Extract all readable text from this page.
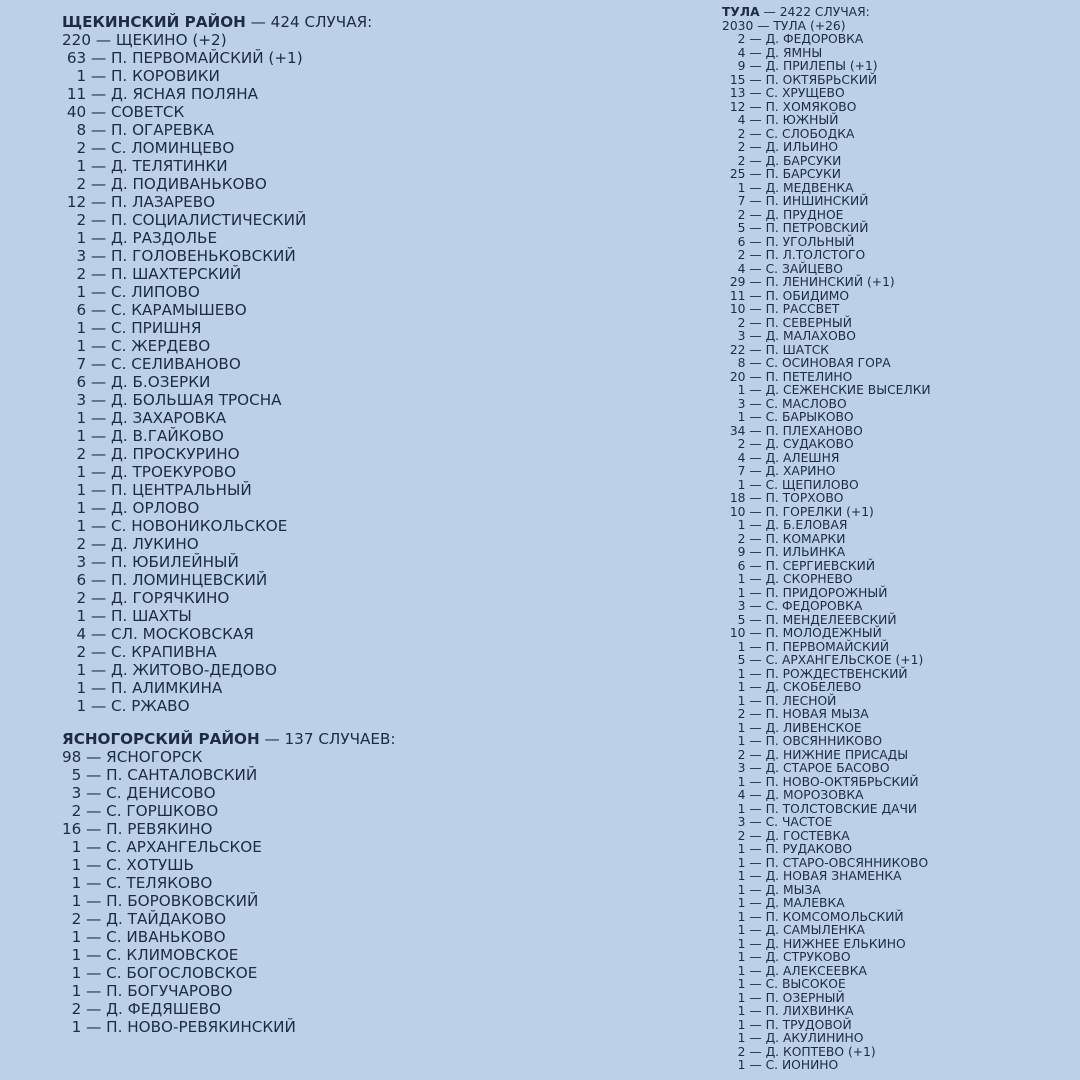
ЩЕКИНСКИЙ РАЙОН — 424 СЛУЧАЯ:
220 — ЩЕКИНО (+2)
63 — П. ПЕРВОМАЙСКИЙ (+1)
1 — П. КОРОВИКИ
11 — Д. ЯСНАЯ ПОЛЯНА
40 — СОВЕТСК
8 — П. ОГАРЕВКА
2 — С. ЛОМИНЦЕВО
1 — Д. ТЕЛЯТИНКИ
2 — Д. ПОДИВАНЬКОВО
12 — П. ЛАЗАРЕВО
2 — П. СОЦИАЛИСТИЧЕСКИЙ
1 — Д. РАЗДОЛЬЕ
3 — П. ГОЛОВЕНЬКОВСКИЙ
2 — П. ШАХТЕРСКИЙ
1 — С. ЛИПОВО
6 — С. КАРАМЫШЕВО
1 — С. ПРИШНЯ
1 — С. ЖЕРДЕВО
7 — С. СЕЛИВАНОВО
6 — Д. Б.ОЗЕРКИ
3 — Д. БОЛЬШАЯ ТРОСНА
1 — Д. ЗАХАРОВКА
1 — Д. В.ГАЙКОВО
2 — Д. ПРОСКУРИНО
1 — Д. ТРОЕКУРОВО
1 — П. ЦЕНТРАЛЬНЫЙ
1 — Д. ОРЛОВО
1 — С. НОВОНИКОЛЬСКОЕ
2 — Д. ЛУКИНО
3 — П. ЮБИЛЕЙНЫЙ
6 — П. ЛОМИНЦЕВСКИЙ
2 — Д. ГОРЯЧКИНО
1 — П. ШАХТЫ
4 — СЛ. МОСКОВСКАЯ
2 — С. КРАПИВНА
1 — Д. ЖИТОВО-ДЕДОВО
1 — П. АЛИМКИНА
1 — С. РЖАВО
ЯСНОГОРСКИЙ РАЙОН — 137 СЛУЧАЕВ:
98 — ЯСНОГОРСК
5 — П. САНТАЛОВСКИЙ
3 — С. ДЕНИСОВО
2 — С. ГОРШКОВО
16 — П. РЕВЯКИНО
1 — С. АРХАНГЕЛЬСКОЕ
1 — С. ХОТУШЬ
1 — С. ТЕЛЯКОВО
1 — П. БОРОВКОВСКИЙ
2 — Д. ТАЙДАКОВО
1 — С. ИВАНЬКОВО
1 — С. КЛИМОВСКОЕ
1 — С. БОГОСЛОВСКОЕ
1 — П. БОГУЧАРОВО
2 — Д. ФЕДЯШЕВО
1 — П. НОВО-РЕВЯКИНСКИЙ
ТУЛА — 2422 СЛУЧАЯ:
2030 — ТУЛА (+26)
2 — Д. ФЕДОРОВКА
4 — Д. ЯМНЫ
9 — Д. ПРИЛЕПЫ (+1)
15 — П. ОКТЯБРЬСКИЙ
13 — С. ХРУЩЕВО
12 — П. ХОМЯКОВО
4 — П. ЮЖНЫЙ
2 — С. СЛОБОДКА
2 — Д. ИЛЬИНО
2 — Д. БАРСУКИ
25 — П. БАРСУКИ
1 — Д. МЕДВЕНКА
7 — П. ИНШИНСКИЙ
2 — Д. ПРУДНОЕ
5 — П. ПЕТРОВСКИЙ
6 — П. УГОЛЬНЫЙ
2 — П. Л.ТОЛСТОГО
4 — С. ЗАЙЦЕВО
29 — П. ЛЕНИНСКИЙ (+1)
11 — П. ОБИДИМО
10 — П. РАССВЕТ
2 — П. СЕВЕРНЫЙ
3 — Д. МАЛАХОВО
22 — П. ШАТСК
8 — С. ОСИНОВАЯ ГОРА
20 — П. ПЕТЕЛИНО
1 — Д. СЕЖЕНСКИЕ ВЫСЕЛКИ
3 — С. МАСЛОВО
1 — С. БАРЫКОВО
34 — П. ПЛЕХАНОВО
2 — Д. СУДАКОВО
4 — Д. АЛЕШНЯ
7 — Д. ХАРИНО
1 — С. ЩЕПИЛОВО
18 — П. ТОРХОВО
10 — П. ГОРЕЛКИ (+1)
1 — Д. Б.ЕЛОВАЯ
2 — П. КОМАРКИ
9 — П. ИЛЬИНКА
6 — П. СЕРГИЕВСКИЙ
1 — Д. СКОРНЕВО
1 — П. ПРИДОРОЖНЫЙ
3 — С. ФЕДОРОВКА
5 — П. МЕНДЕЛЕЕВСКИЙ
10 — П. МОЛОДЕЖНЫЙ
1 — П. ПЕРВОМАЙСКИЙ
5 — С. АРХАНГЕЛЬСКОЕ (+1)
1 — П. РОЖДЕСТВЕНСКИЙ
1 — Д. СКОБЕЛЕВО
1 — П. ЛЕСНОЙ
2 — П. НОВАЯ МЫЗА
1 — Д. ЛИВЕНСКОЕ
1 — П. ОВСЯННИКОВО
2 — Д. НИЖНИЕ ПРИСАДЫ
3 — Д. СТАРОЕ БАСОВО
1 — П. НОВО-ОКТЯБРЬСКИЙ
4 — Д. МОРОЗОВКА
1 — П. ТОЛСТОВСКИЕ ДАЧИ
3 — С. ЧАСТОЕ
2 — Д. ГОСТЕВКА
1 — П. РУДАКОВО
1 — П. СТАРО-ОВСЯННИКОВО
1 — Д. НОВАЯ ЗНАМЕНКА
1 — Д. МЫЗА
1 — Д. МАЛЕВКА
1 — П. КОМСОМОЛЬСКИЙ
1 — Д. САМЫЛЕНКА
1 — Д. НИЖНЕЕ ЕЛЬКИНО
1 — Д. СТРУКОВО
1 — Д. АЛЕКСЕЕВКА
1 — С. ВЫСОКОЕ
1 — П. ОЗЕРНЫЙ
1 — П. ЛИХВИНКА
1 — П. ТРУДОВОЙ
1 — Д. АКУЛИНИНО
2 — Д. КОПТЕВО (+1)
1 — С. ИОНИНО
